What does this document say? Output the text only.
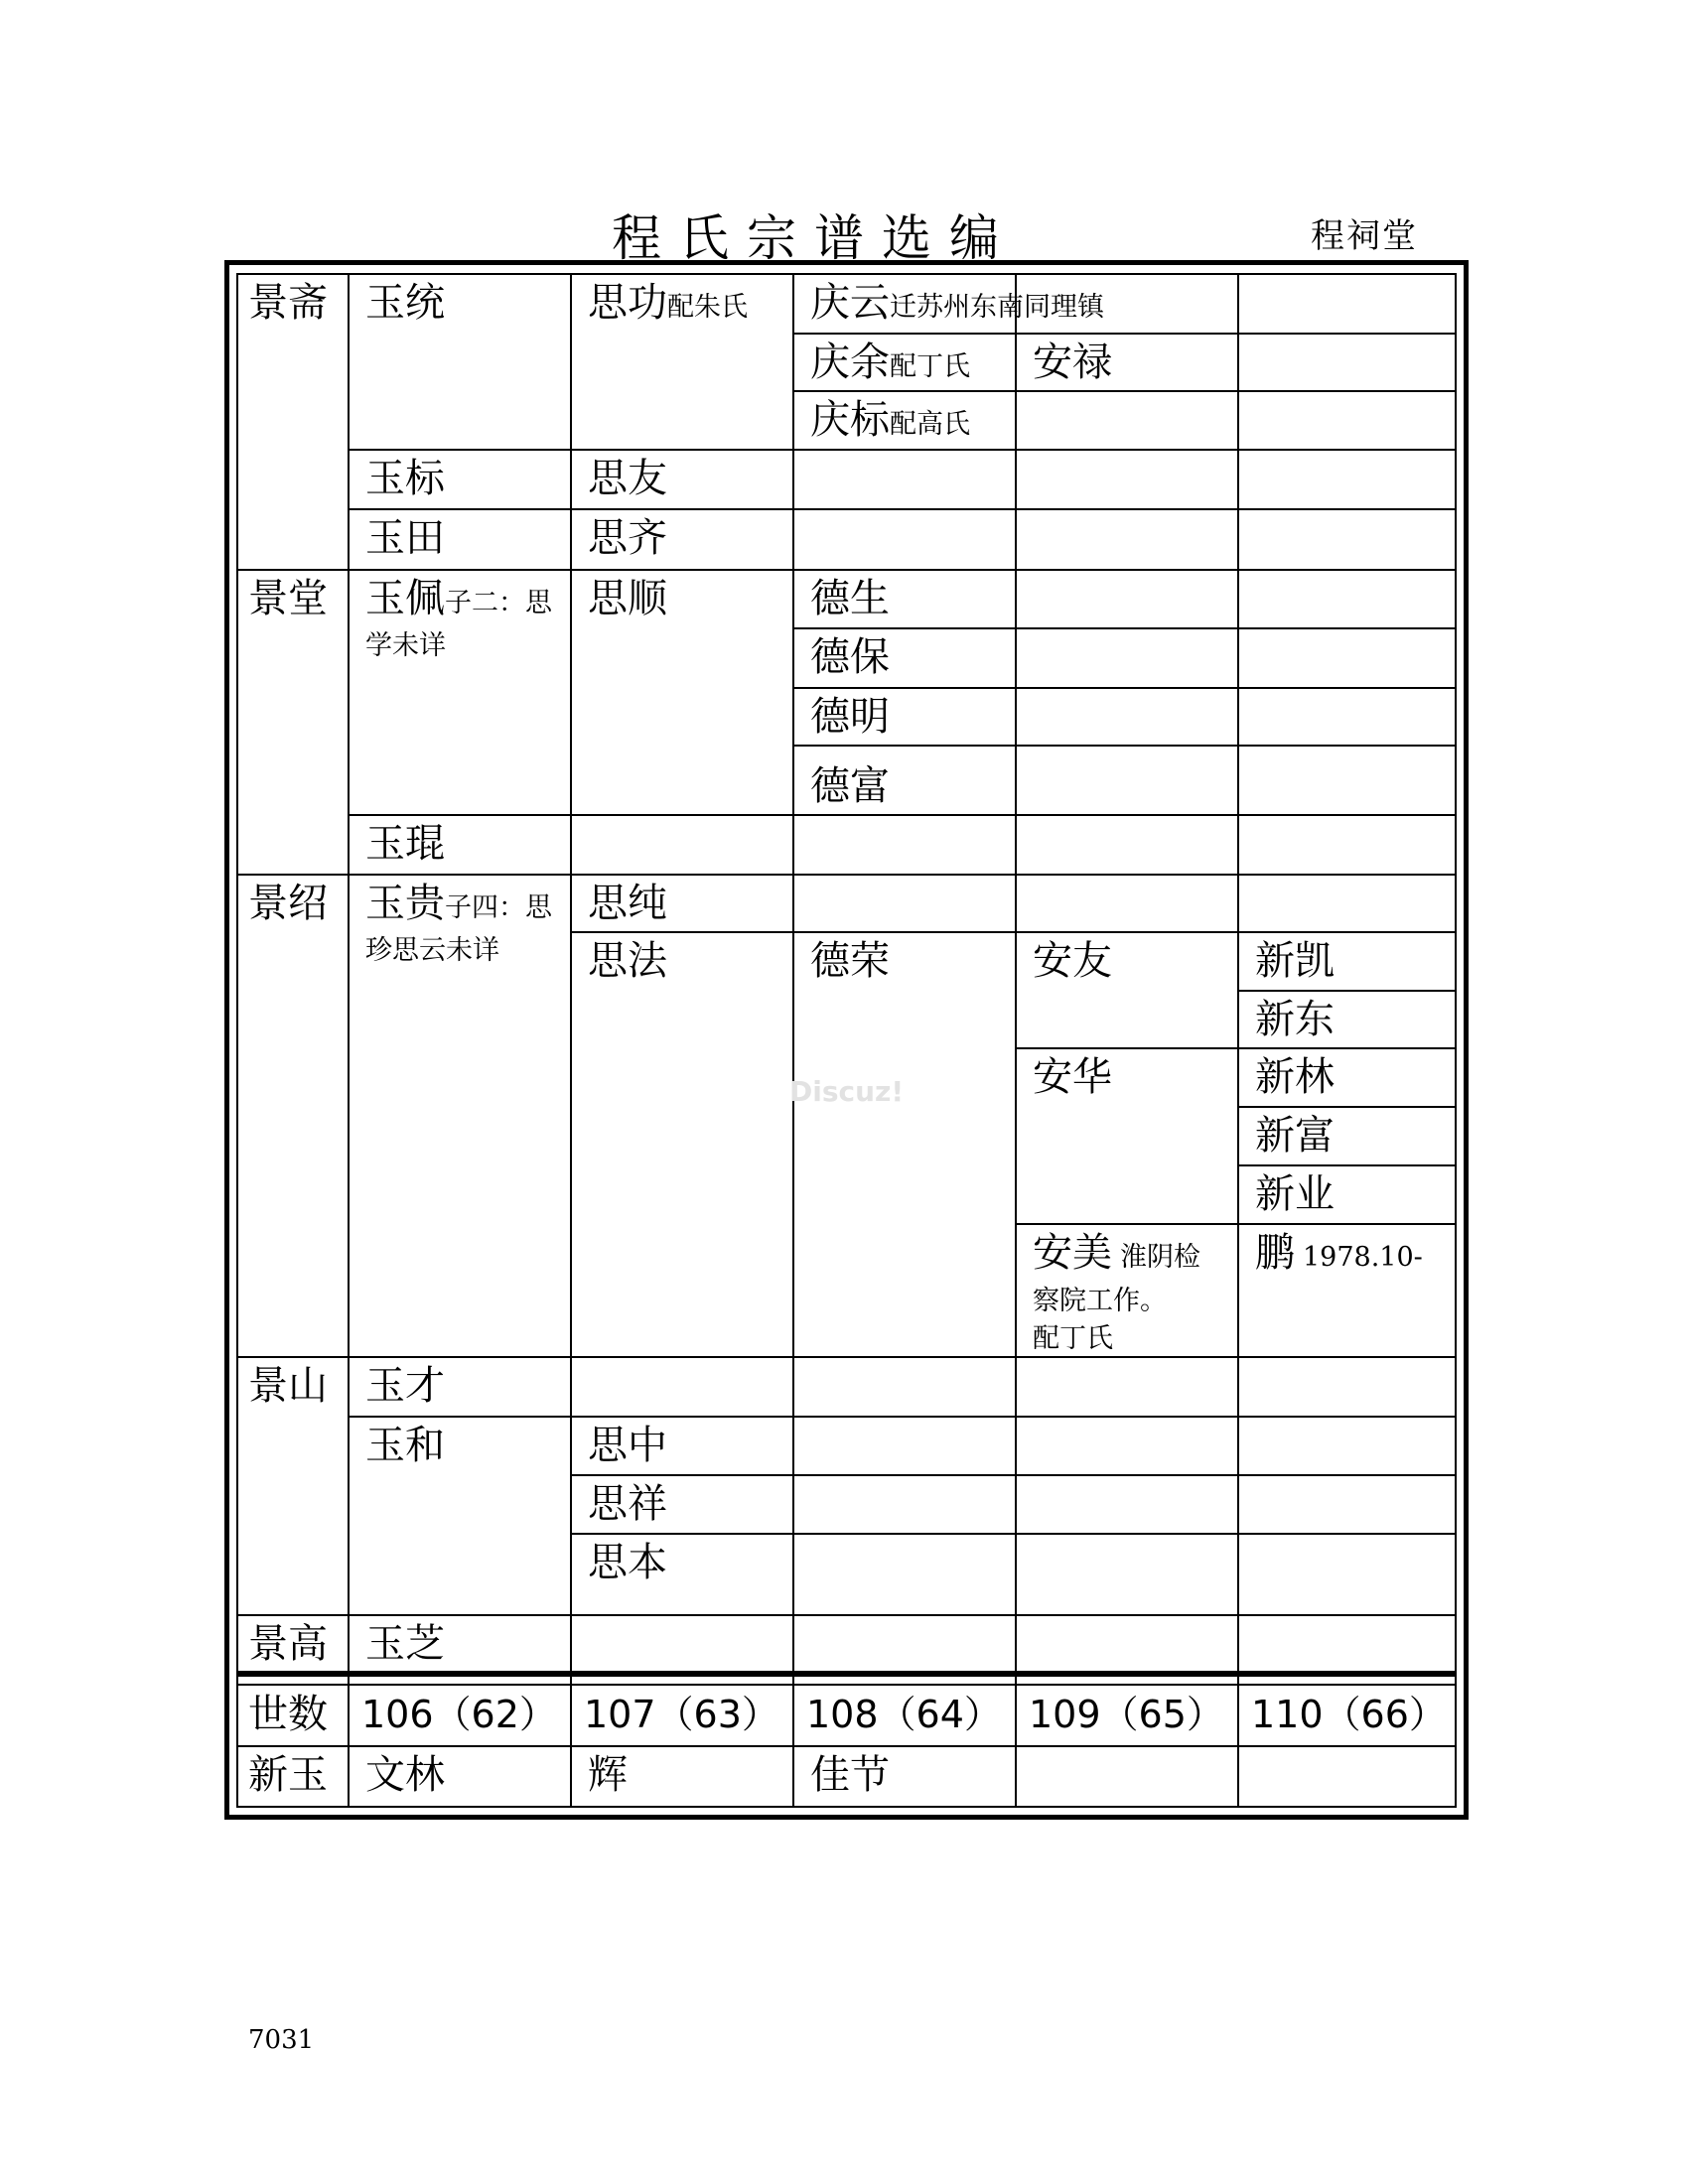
程氏宗谱选编	程祠堂
景斋
景堂
景绍
景山
景高
世数
新玉
玉统
玉标
玉田
玉佩子二：思
学未详
玉琨
玉贵子四：思
珍思云未详
玉才
玉和
玉芝
106（62）
文林
思功配朱氏
思友
思齐
思顺
思纯
思法
思中
思祥
思本
107（63）
辉
庆云迁苏州东南同理镇
庆余配丁氏
庆标配高氏
德生
德保
德明
德富
德荣
108（64）
佳节
安禄
安友
安华
安美  淮阴检
察院工作。
配丁氏
109（65）
新凯
新东
新林
新富
新业
鹏  1978.10-
110（66）
Discuz!
7031
